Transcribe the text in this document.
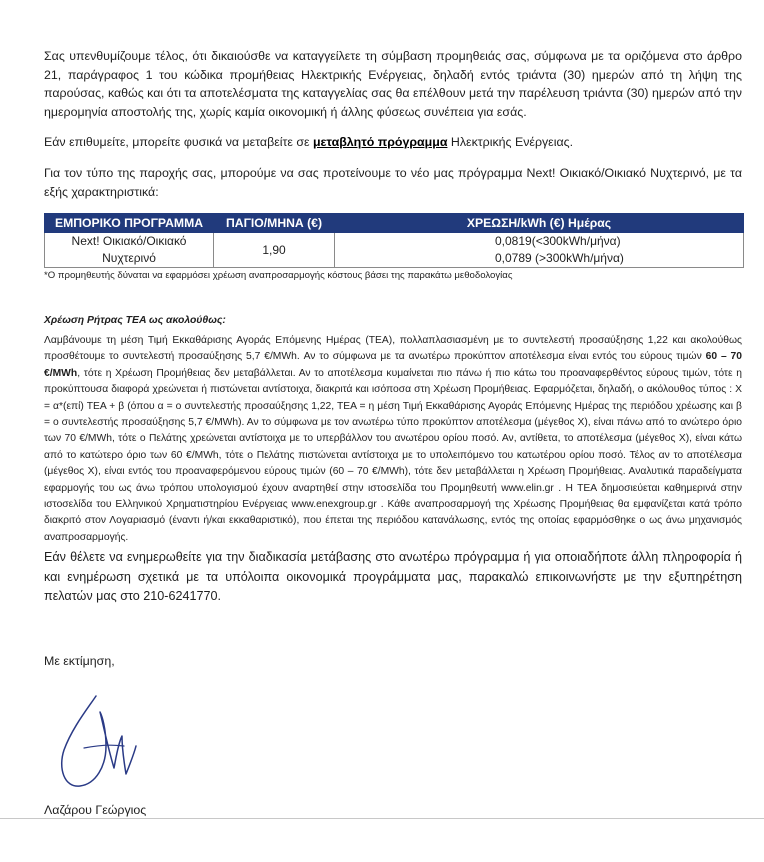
Σας υπενθυμίζουμε τέλος, ότι δικαιούσθε να καταγγείλετε τη σύμβαση προμηθειάς σας, σύμφωνα με τα οριζόμενα στο άρθρο 21, παράγραφος 1 του κώδικα προμήθειας Ηλεκτρικής Ενέργειας, δηλαδή εντός τριάντα (30) ημερών από τη λήψη της παρούσας, καθώς και ότι τα αποτελέσματα της καταγγελίας σας θα επέλθουν μετά την παρέλευση τριάντα (30) ημερών από την ημερομηνία αποστολής της, χωρίς καμία οικονομική ή άλλης φύσεως συνέπεια για εσάς.

Εάν επιθυμείτε, μπορείτε φυσικά να μεταβείτε σε μεταβλητό πρόγραμμα Ηλεκτρικής Ενέργειας.

Για τον τύπο της παροχής σας, μπορούμε να σας προτείνουμε το νέο μας πρόγραμμα Next! Οικιακό/Οικιακό Νυχτερινό, με τα εξής χαρακτηριστικά:

ΕΜΠΟΡΙΚΟ ΠΡΟΓΡΑΜΜΑ	ΠΑΓΙΟ/ΜΗΝΑ (€)	ΧΡΕΩΣΗ/kWh (€) Ημέρας
Next! Οικιακό/Οικιακό Νυχτερινό	1,90	0,0819(<300kWh/μήνα)
0,0789 (>300kWh/μήνα)
*Ο προμηθευτής δύναται να εφαρμόσει χρέωση αναπροσαρμογής κόστους βάσει της παρακάτω μεθοδολογίας
Χρέωση Ρήτρας ΤΕΑ ως ακολούθως:

Λαμβάνουμε τη μέση Τιμή Εκκαθάρισης Αγοράς Επόμενης Ημέρας (ΤΕΑ), πολλαπλασιασμένη με το συντελεστή προσαύξησης 1,22 και ακολούθως προσθέτουμε το συντελεστή προσαύξησης 5,7 €/MWh. Αν το σύμφωνα με τα ανωτέρω προκύπτον αποτέλεσμα είναι εντός του εύρους τιμών 60 – 70 €/MWh, τότε η Χρέωση Προμήθειας δεν μεταβάλλεται. Αν το αποτέλεσμα κυμαίνεται πιο πάνω ή πιο κάτω του προαναφερθέντος εύρους τιμών, τότε η προκύπτουσα διαφορά χρεώνεται ή πιστώνεται αντίστοιχα, διακριτά και ισόποσα στη Χρέωση Προμήθειας. Εφαρμόζεται, δηλαδή, ο ακόλουθος τύπος : Χ = α*(επί) ΤΕΑ + β (όπου α = ο συντελεστής προσαύξησης 1,22, ΤΕΑ = η μέση Τιμή Εκκαθάρισης Αγοράς Επόμενης Ημέρας της περιόδου χρέωσης και β = ο συντελεστής προσαύξησης 5,7 €/MWh). Αν το σύμφωνα με τον ανωτέρω τύπο προκύπτον αποτέλεσμα (μέγεθος Χ), είναι πάνω από το ανώτερο όριο των 70 €/MWh, τότε ο Πελάτης χρεώνεται αντίστοιχα με το υπερβάλλον του ανωτέρου ορίου ποσό. Αν, αντίθετα, το αποτέλεσμα (μέγεθος Χ), είναι κάτω από το κατώτερο όριο των 60 €/MWh, τότε ο Πελάτης πιστώνεται αντίστοιχα με το υπολειπόμενο του κατωτέρου ορίου ποσό. Τέλος αν το αποτέλεσμα (μέγεθος Χ), είναι εντός του προαναφερόμενου εύρους τιμών (60 – 70 €/MWh), τότε δεν μεταβάλλεται η Χρέωση Προμήθειας. Αναλυτικά παραδείγματα εφαρμογής του ως άνω τρόπου υπολογισμού έχουν αναρτηθεί στην ιστοσελίδα του Προμηθευτή www.elin.gr . Η ΤΕΑ δημοσιεύεται καθημερινά στην ιστοσελίδα του Ελληνικού Χρηματιστηρίου Ενέργειας www.enexgroup.gr . Κάθε αναπροσαρμογή της Χρέωσης Προμήθειας θα εμφανίζεται κατά τρόπο διακριτό στον Λογαριασμό (έναντι ή/και εκκαθαριστικό), που έπεται της περιόδου κατανάλωσης, εντός της οποίας εφαρμόσθηκε ο ως άνω μηχανισμός αναπροσαρμογής.

Εάν θέλετε να ενημερωθείτε για την διαδικασία μετάβασης στο ανωτέρω πρόγραμμα ή για οποιαδήποτε άλλη πληροφορία ή και ενημέρωση σχετικά με τα υπόλοιπα οικονομικά προγράμματα μας, παρακαλώ επικοινωνήστε με την εξυπηρέτηση πελατών μας στο 210-6241770.

Με εκτίμηση,
Λαζάρου Γεώργιος
